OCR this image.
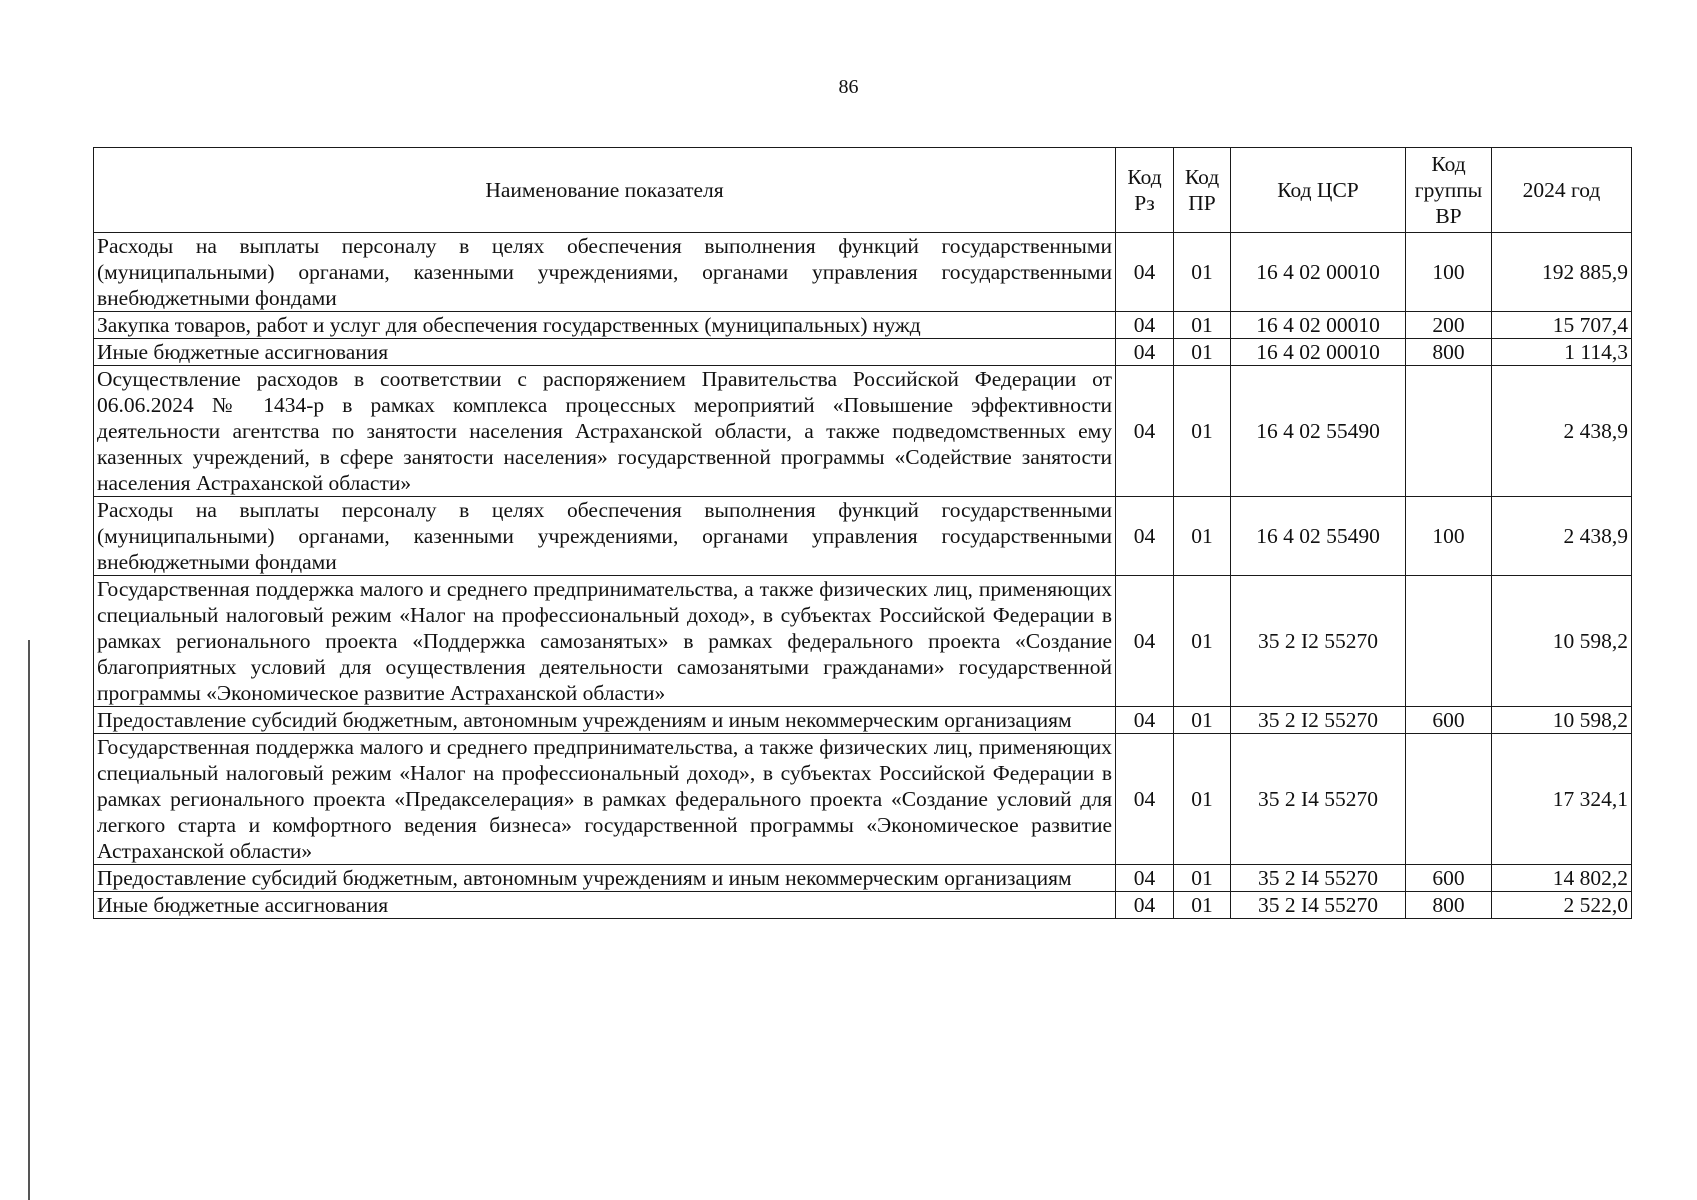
86
Наименование показателя	Код Рз	Код ПР	Код ЦСР	Код группы ВР	2024 год
Расходы на выплаты персоналу в целях обеспечения выполнения функций государственными (муниципальными) органами, казенными учреждениями, органами управления государственными внебюджетными фондами	04	01	16 4 02 00010	100	192 885,9
Закупка товаров, работ и услуг для обеспечения государственных (муниципальных) нужд	04	01	16 4 02 00010	200	15 707,4
Иные бюджетные ассигнования	04	01	16 4 02 00010	800	1 114,3
Осуществление расходов в соответствии с распоряжением Правительства Российской Федерации от 06.06.2024 № 1434-р в рамках комплекса процессных мероприятий «Повышение эффективности деятельности агентства по занятости населения Астраханской области, а также подведомственных ему казенных учреждений, в сфере занятости населения» государственной программы «Содействие занятости населения Астраханской области»	04	01	16 4 02 55490		2 438,9
Расходы на выплаты персоналу в целях обеспечения выполнения функций государственными (муниципальными) органами, казенными учреждениями, органами управления государственными внебюджетными фондами	04	01	16 4 02 55490	100	2 438,9
Государственная поддержка малого и среднего предпринимательства, а также физических лиц, применяющих специальный налоговый режим «Налог на профессиональный доход», в субъектах Российской Федерации в рамках регионального проекта «Поддержка самозанятых» в рамках федерального проекта «Создание благоприятных условий для осуществления деятельности самозанятыми гражданами» государственной программы «Экономическое развитие Астраханской области»	04	01	35 2 I2 55270		10 598,2
Предоставление субсидий бюджетным, автономным учреждениям и иным некоммерческим организациям	04	01	35 2 I2 55270	600	10 598,2
Государственная поддержка малого и среднего предпринимательства, а также физических лиц, применяющих специальный налоговый режим «Налог на профессиональный доход», в субъектах Российской Федерации в рамках регионального проекта «Предакселерация» в рамках федерального проекта «Создание условий для легкого старта и комфортного ведения бизнеса» государственной программы «Экономическое развитие Астраханской области»	04	01	35 2 I4 55270		17 324,1
Предоставление субсидий бюджетным, автономным учреждениям и иным некоммерческим организациям	04	01	35 2 I4 55270	600	14 802,2
Иные бюджетные ассигнования	04	01	35 2 I4 55270	800	2 522,0
